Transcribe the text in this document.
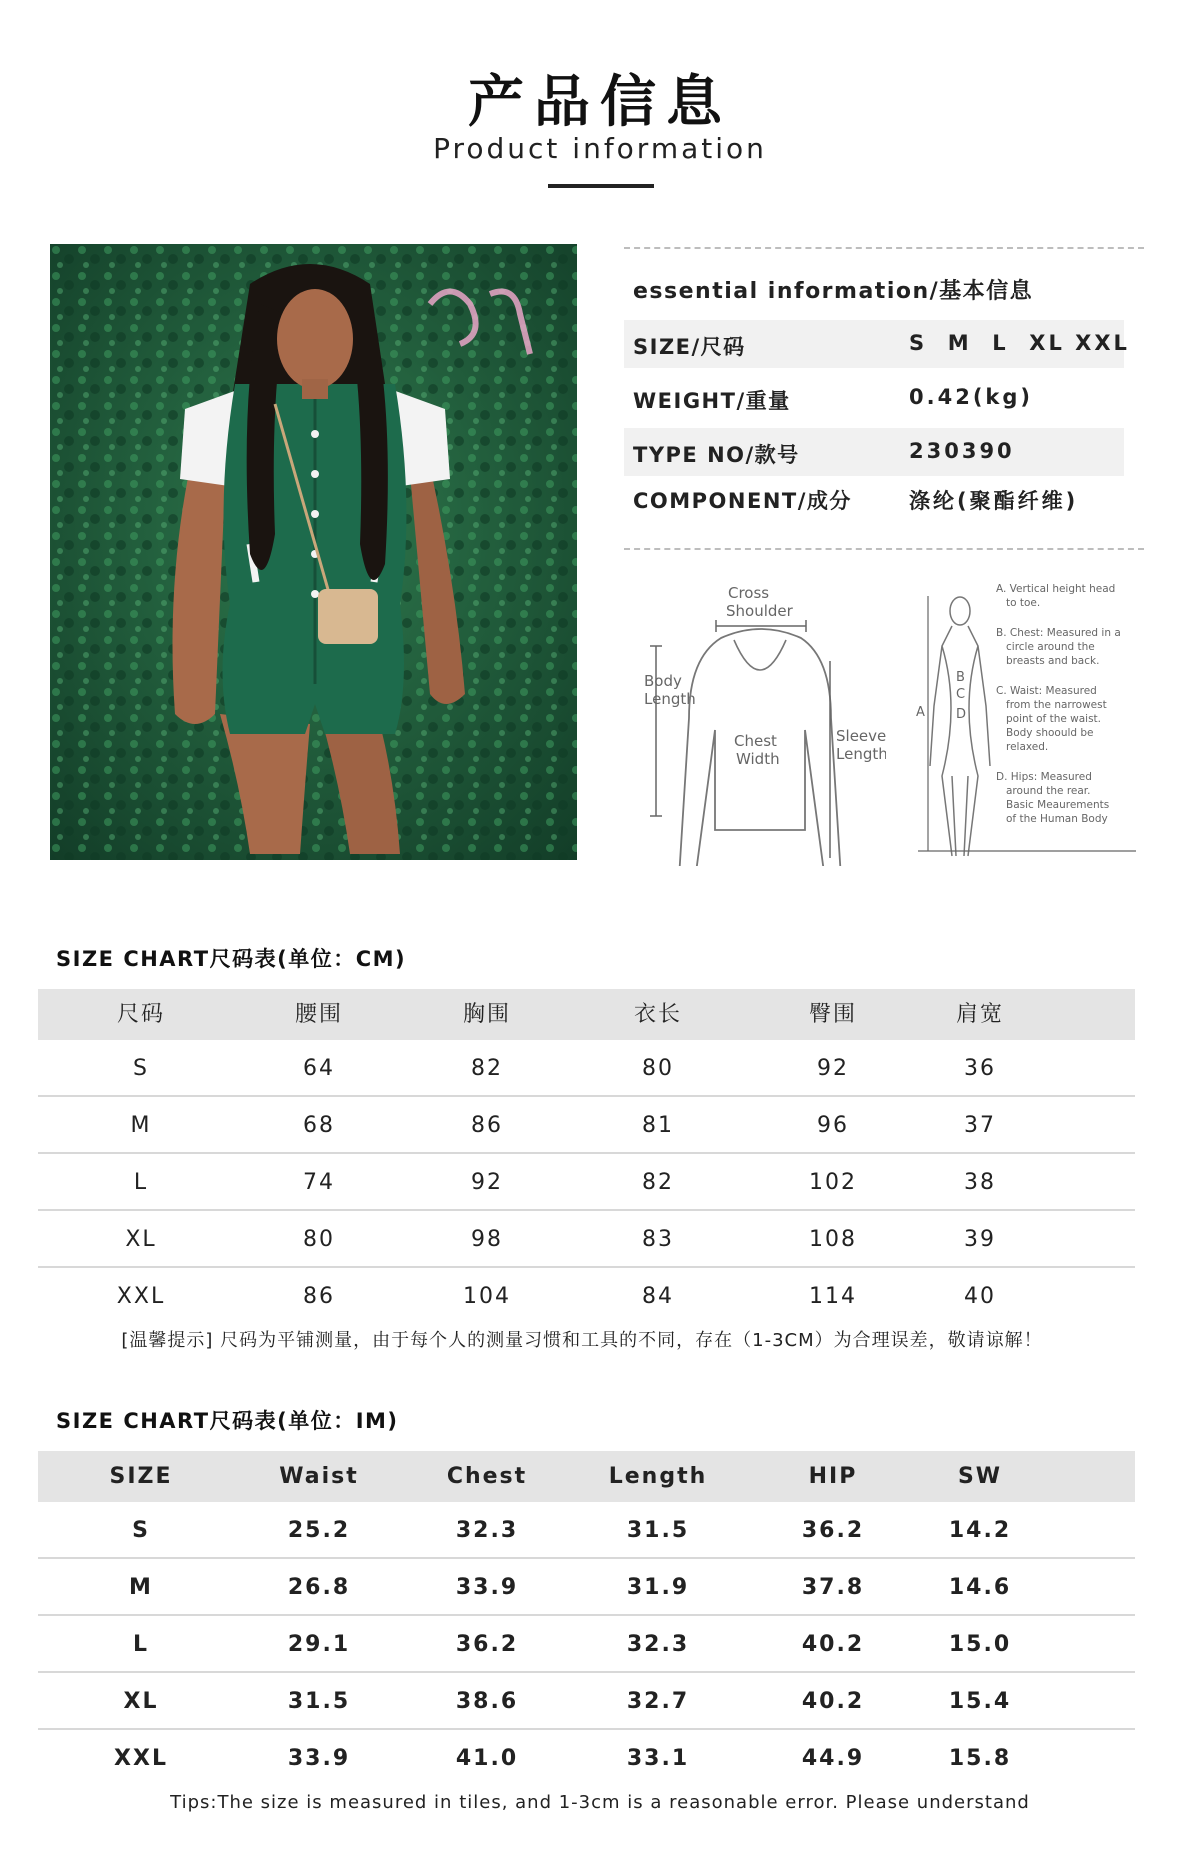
产品信息
Product information
essential information/基本信息
SIZE/尺码	S  M  L  XL XXL
WEIGHT/重量	0.42(kg)
TYPE NO/款号	230390
COMPONENT/成分	涤纶(聚酯纤维)
Cross
Shoulder
Body
Length
Chest
Width
Sleeve
Length
A
B
C
D
A. Vertical height head
to toe.
B. Chest: Measured in a
circle around the
breasts and back.
C. Waist: Measured
from the narrowest
point of the waist.
Body shoould be
relaxed.
D. Hips: Measured
around the rear.
Basic Meaurements
of the Human Body
SIZE CHART尺码表(单位：CM)
尺码	腰围	胸围	衣长	臀围	肩宽
S	64	82	80	92	36
M	68	86	81	96	37
L	74	92	82	102	38
XL	80	98	83	108	39
XXL	86	104	84	114	40
[温馨提示] 尺码为平铺测量，由于每个人的测量习惯和工具的不同，存在（1-3CM）为合理误差，敬请谅解！
SIZE CHART尺码表(单位：IM)
SIZE	Waist	Chest	Length	HIP	SW
S	25.2	32.3	31.5	36.2	14.2
M	26.8	33.9	31.9	37.8	14.6
L	29.1	36.2	32.3	40.2	15.0
XL	31.5	38.6	32.7	40.2	15.4
XXL	33.9	41.0	33.1	44.9	15.8
Tips:The size is measured in tiles, and 1-3cm is a reasonable error. Please understand
